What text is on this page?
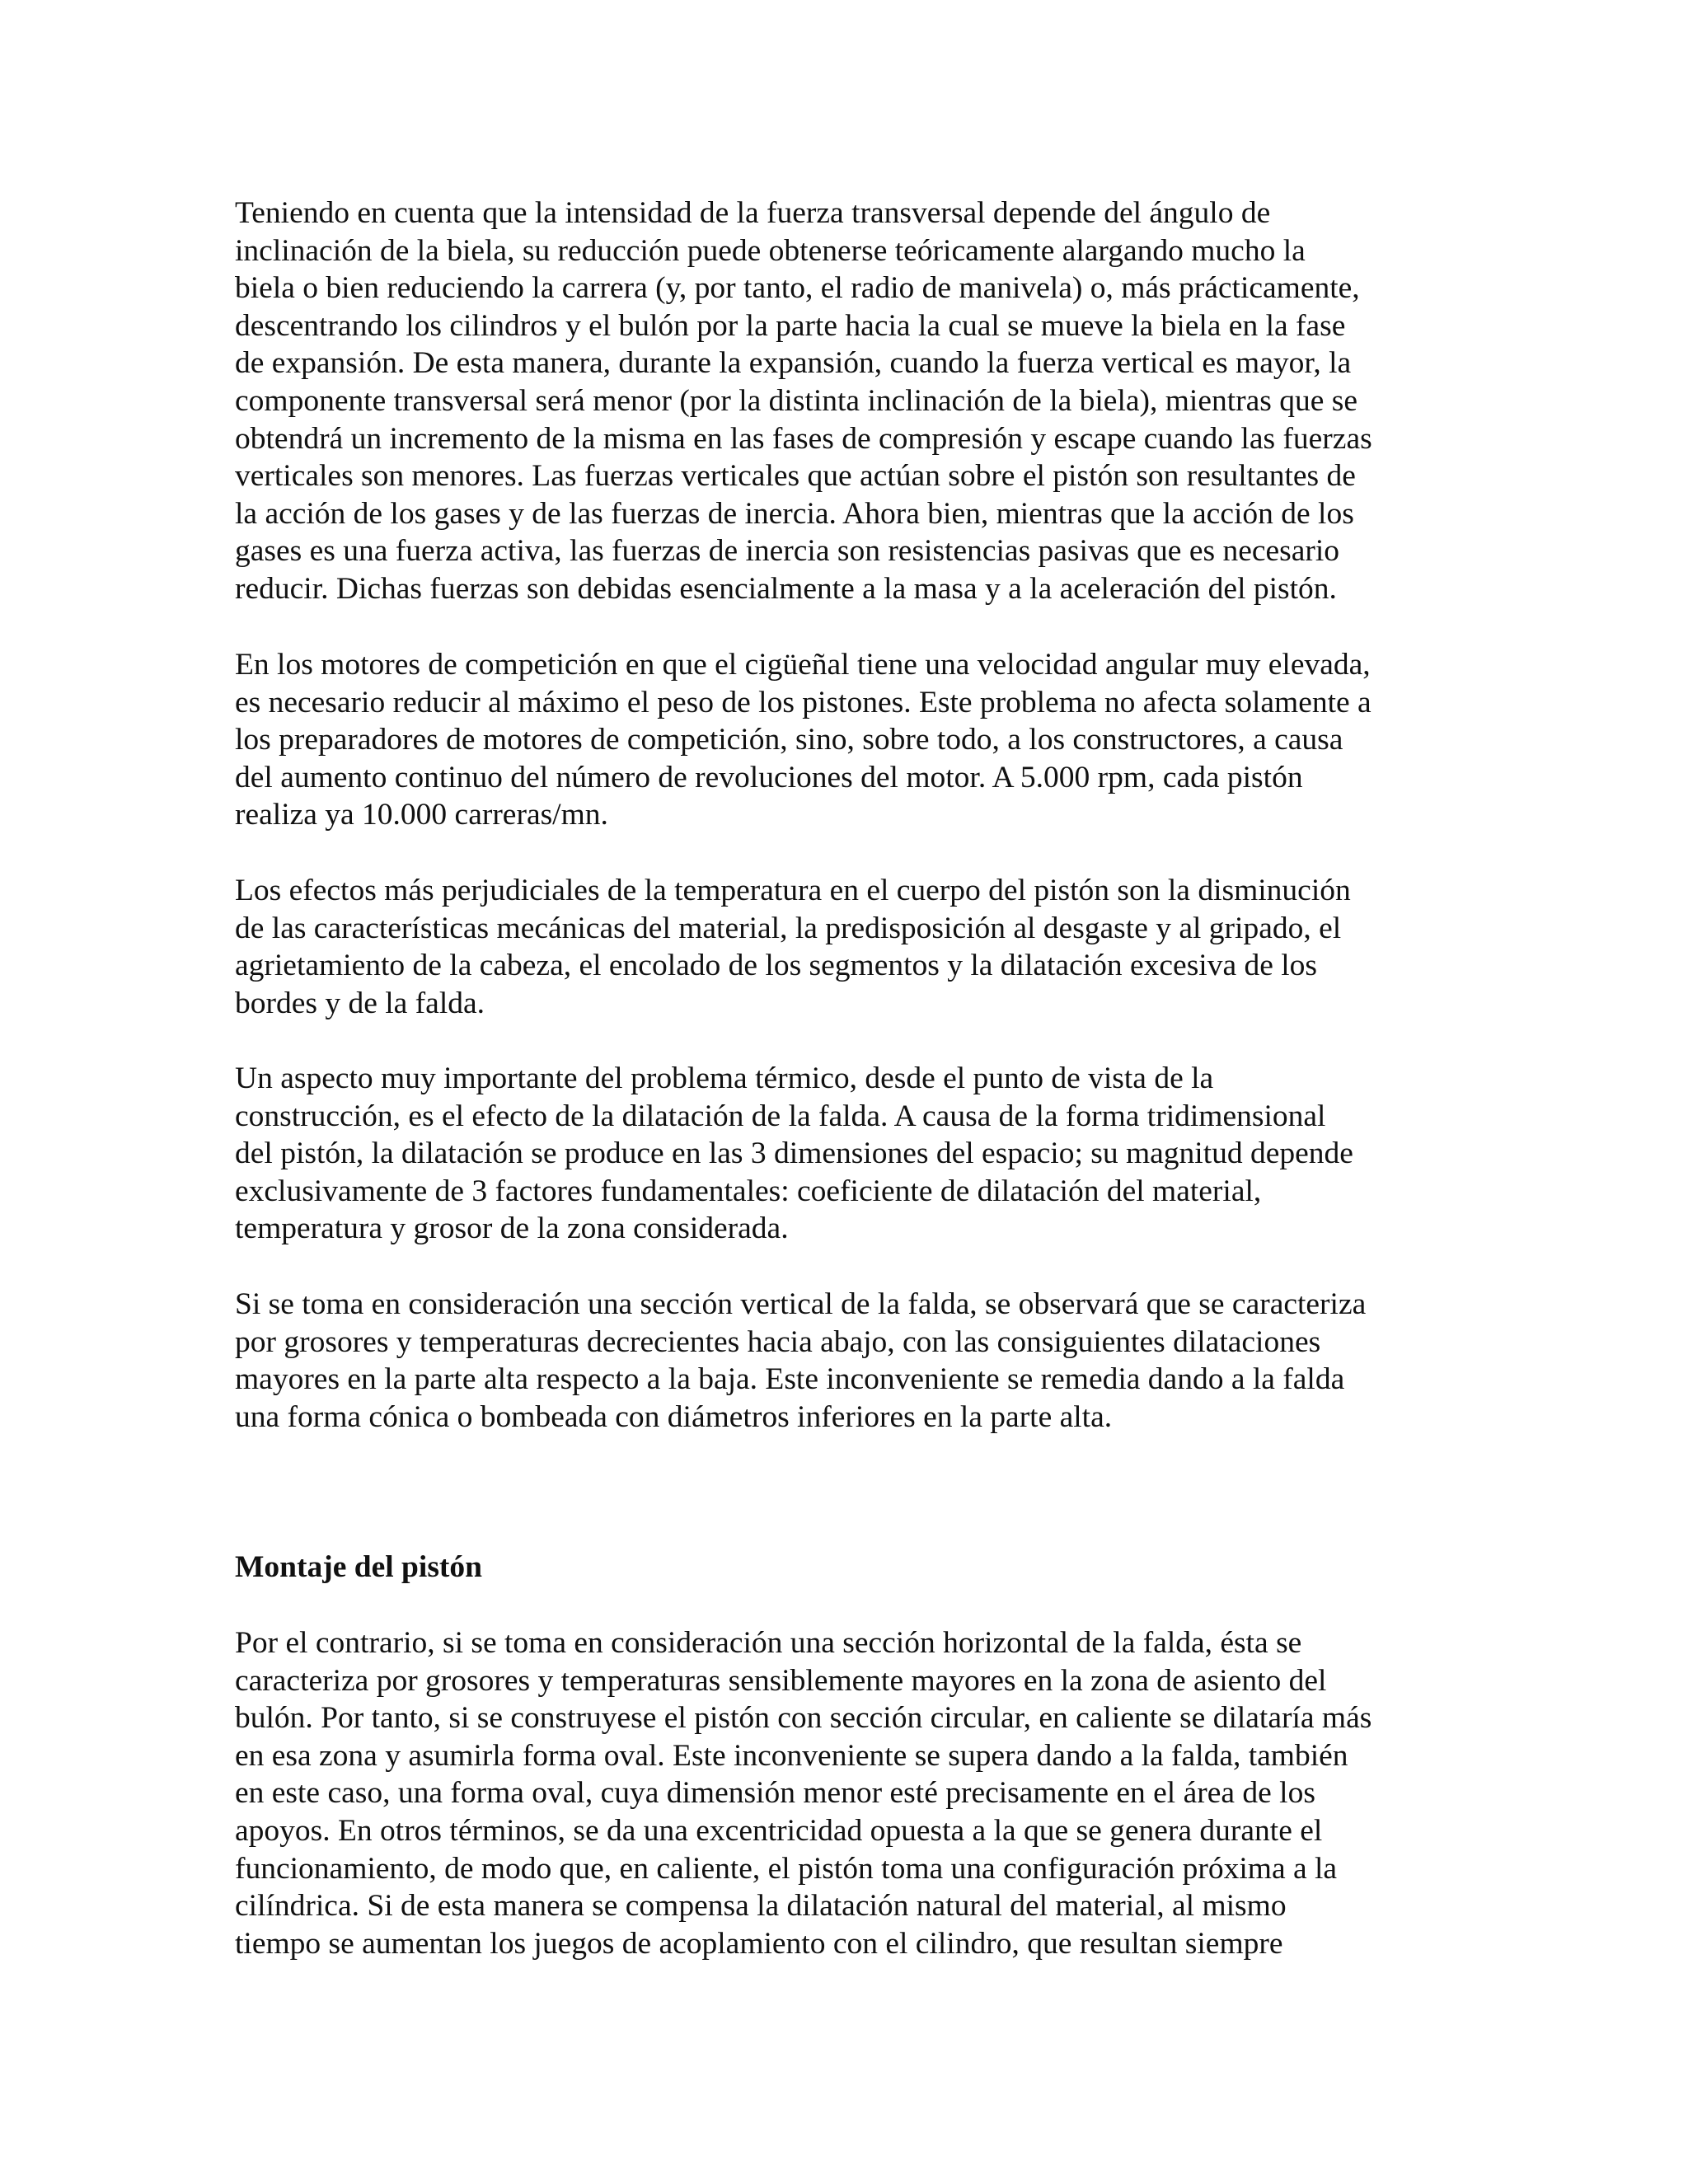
Teniendo en cuenta que la intensidad de la fuerza transversal depende del ángulo de
inclinación de la biela, su reducción puede obtenerse teóricamente alargando mucho la
biela o bien reduciendo la carrera (y, por tanto, el radio de manivela) o, más prácticamente,
descentrando los cilindros y el bulón por la parte hacia la cual se mueve la biela en la fase
de expansión. De esta manera, durante la expansión, cuando la fuerza vertical es mayor, la
componente transversal será menor (por la distinta inclinación de la biela), mientras que se
obtendrá un incremento de la misma en las fases de compresión y escape cuando las fuerzas
verticales son menores. Las fuerzas verticales que actúan sobre el pistón son resultantes de
la acción de los gases y de las fuerzas de inercia. Ahora bien, mientras que la acción de los
gases es una fuerza activa, las fuerzas de inercia son resistencias pasivas que es necesario
reducir. Dichas fuerzas son debidas esencialmente a la masa y a la aceleración del pistón.
En los motores de competición en que el cigüeñal tiene una velocidad angular muy elevada,
es necesario reducir al máximo el peso de los pistones. Este problema no afecta solamente a
los preparadores de motores de competición, sino, sobre todo, a los constructores, a causa
del aumento continuo del número de revoluciones del motor. A 5.000 rpm, cada pistón
realiza ya 10.000 carreras/mn.
Los efectos más perjudiciales de la temperatura en el cuerpo del pistón son la disminución
de las características mecánicas del material, la predisposición al desgaste y al gripado, el
agrietamiento de la cabeza, el encolado de los segmentos y la dilatación excesiva de los
bordes y de la falda.
Un aspecto muy importante del problema térmico, desde el punto de vista de la
construcción, es el efecto de la dilatación de la falda. A causa de la forma tridimensional
del pistón, la dilatación se produce en las 3 dimensiones del espacio; su magnitud depende
exclusivamente de 3 factores fundamentales: coeficiente de dilatación del material,
temperatura y grosor de la zona considerada.
Si se toma en consideración una sección vertical de la falda, se observará que se caracteriza
por grosores y temperaturas decrecientes hacia abajo, con las consiguientes dilataciones
mayores en la parte alta respecto a la baja. Este inconveniente se remedia dando a la falda
una forma cónica o bombeada con diámetros inferiores en la parte alta.
Montaje del pistón
Por el contrario, si se toma en consideración una sección horizontal de la falda, ésta se
caracteriza por grosores y temperaturas sensiblemente mayores en la zona de asiento del
bulón. Por tanto, si se construyese el pistón con sección circular, en caliente se dilataría más
en esa zona y asumirla forma oval. Este inconveniente se supera dando a la falda, también
en este caso, una forma oval, cuya dimensión menor esté precisamente en el área de los
apoyos. En otros términos, se da una excentricidad opuesta a la que se genera durante el
funcionamiento, de modo que, en caliente, el pistón toma una configuración próxima a la
cilíndrica. Si de esta manera se compensa la dilatación natural del material, al mismo
tiempo se aumentan los juegos de acoplamiento con el cilindro, que resultan siempre
